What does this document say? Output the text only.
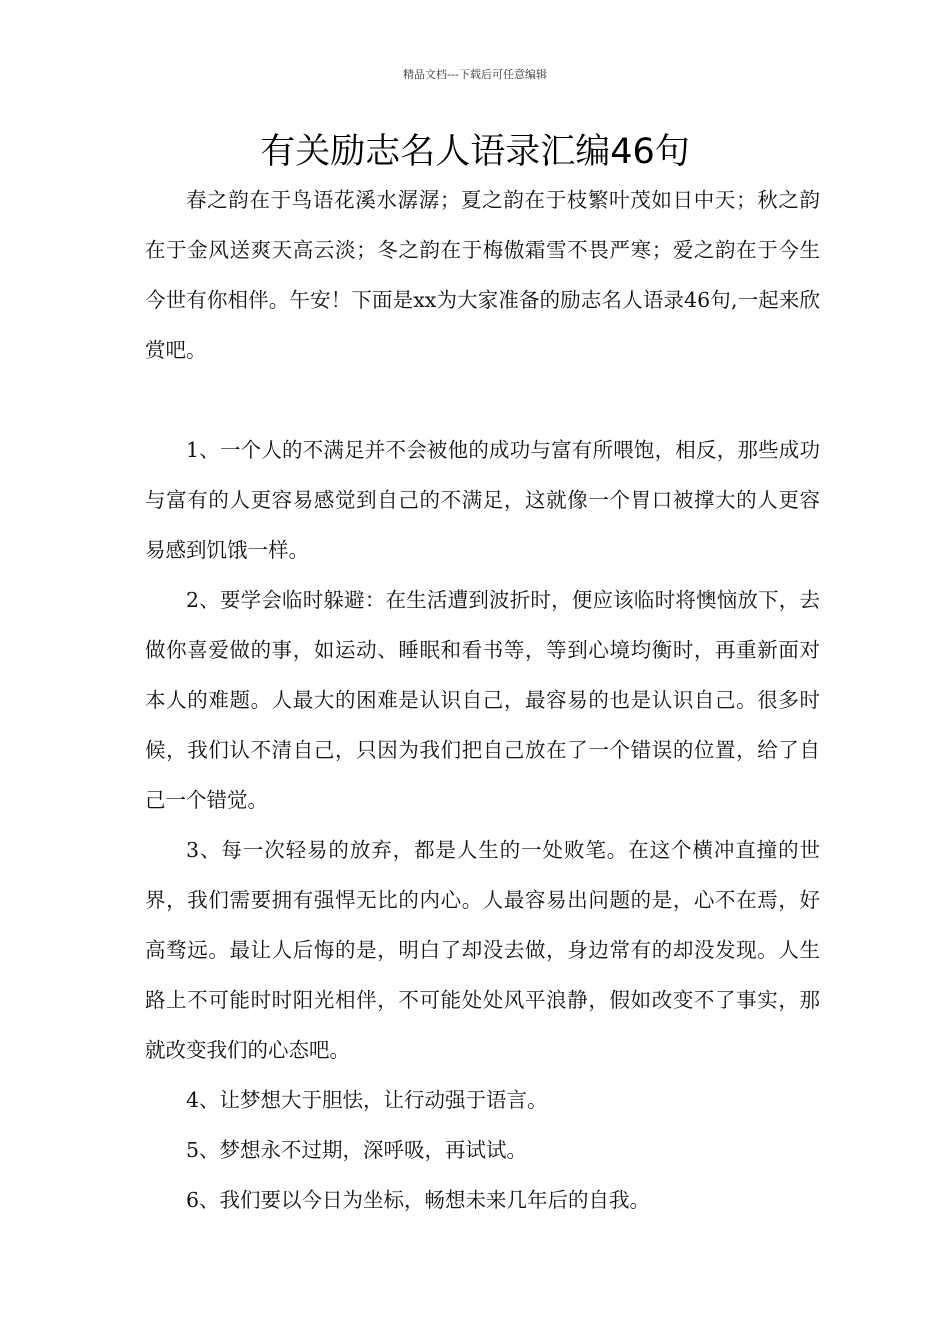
精品文档---下载后可任意编辑
有关励志名人语录汇编46句

春之韵在于鸟语花溪水潺潺；夏之韵在于枝繁叶茂如日中天；秋之韵在于金风送爽天高云淡；冬之韵在于梅傲霜雪不畏严寒；爱之韵在于今生今世有你相伴。午安！下面是xx为大家准备的励志名人语录46句,一起来欣赏吧。

1、一个人的不满足并不会被他的成功与富有所喂饱，相反，那些成功与富有的人更容易感觉到自己的不满足，这就像一个胃口被撑大的人更容易感到饥饿一样。

2、要学会临时躲避：在生活遭到波折时，便应该临时将懊恼放下，去做你喜爱做的事，如运动、睡眠和看书等，等到心境均衡时，再重新面对本人的难题。人最大的困难是认识自己，最容易的也是认识自己。很多时候，我们认不清自己，只因为我们把自己放在了一个错误的位置，给了自己一个错觉。

3、每一次轻易的放弃，都是人生的一处败笔。在这个横冲直撞的世界，我们需要拥有强悍无比的内心。人最容易出问题的是，心不在焉，好高骛远。最让人后悔的是，明白了却没去做，身边常有的却没发现。人生路上不可能时时阳光相伴，不可能处处风平浪静，假如改变不了事实，那就改变我们的心态吧。

4、让梦想大于胆怯，让行动强于语言。

5、梦想永不过期，深呼吸，再试试。

6、我们要以今日为坐标，畅想未来几年后的自我。
